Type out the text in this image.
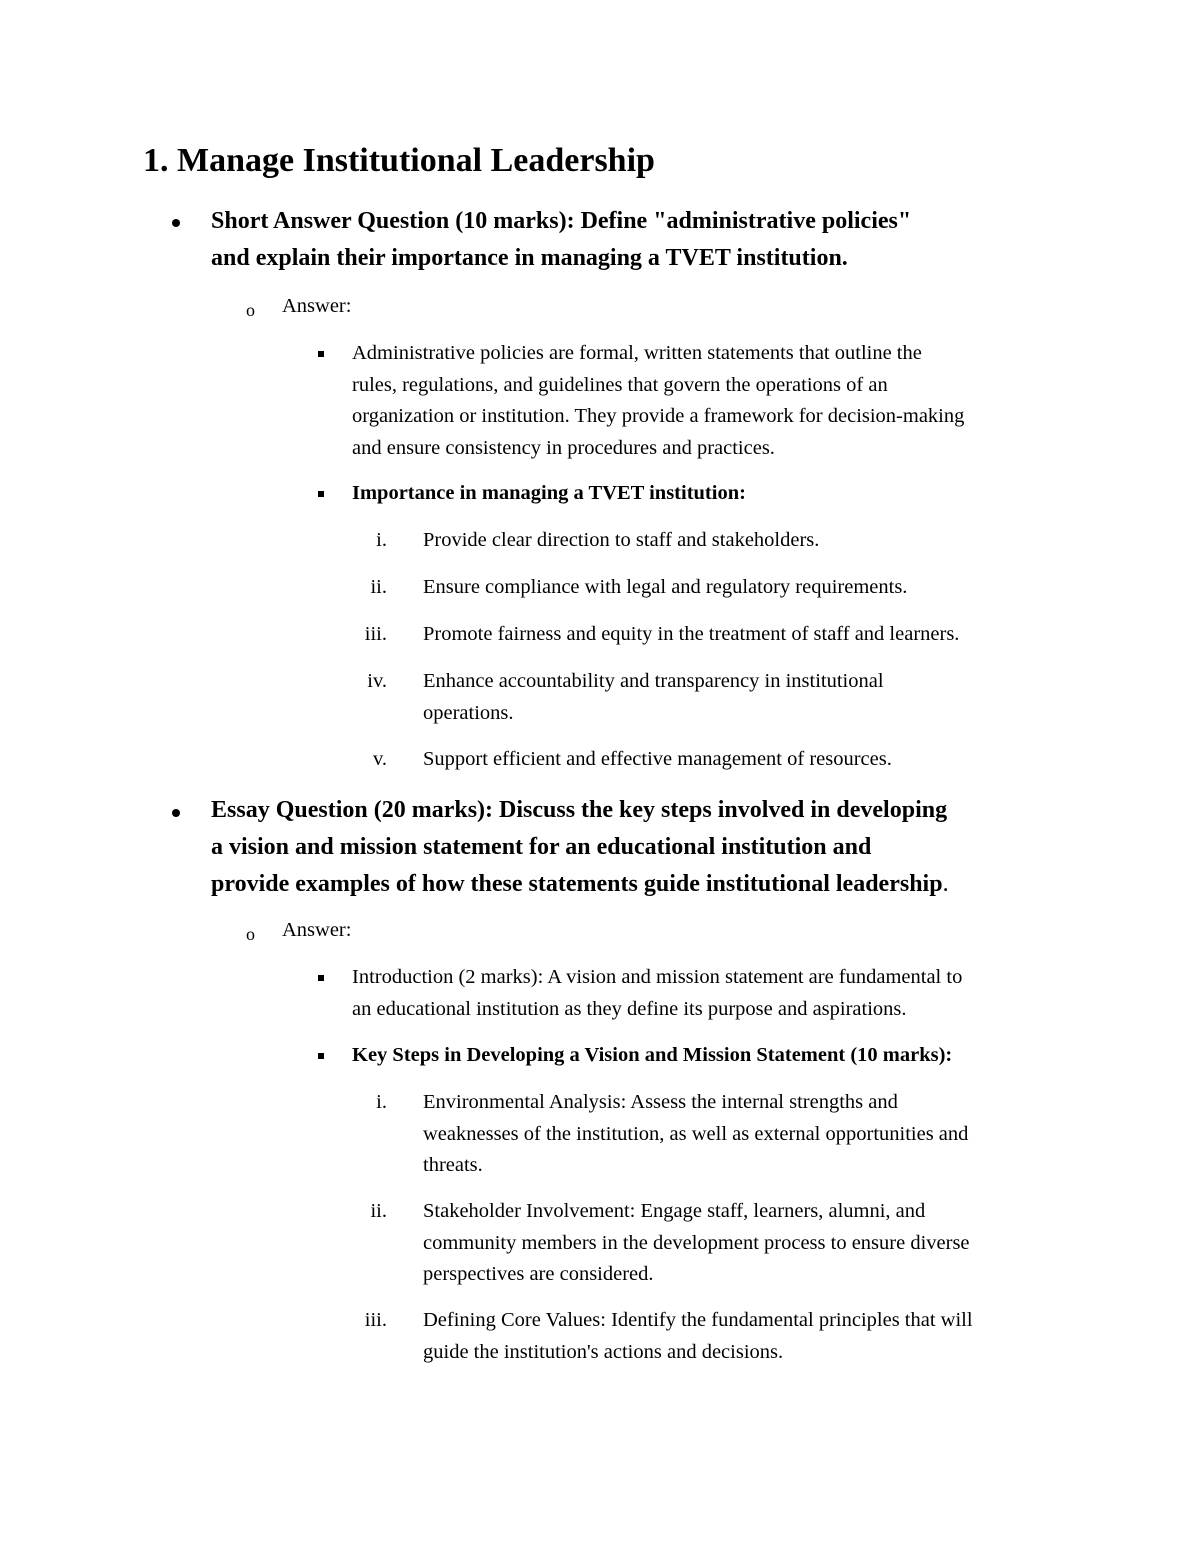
1. Manage Institutional Leadership
Short Answer Question (10 marks): Define "administrative policies"
and explain their importance in managing a TVET institution.
o Answer:
Administrative policies are formal, written statements that outline the
rules, regulations, and guidelines that govern the operations of an
organization or institution. They provide a framework for decision-making
and ensure consistency in procedures and practices.
Importance in managing a TVET institution:
i. Provide clear direction to staff and stakeholders.
ii. Ensure compliance with legal and regulatory requirements.
iii. Promote fairness and equity in the treatment of staff and learners.
iv. Enhance accountability and transparency in institutional
operations.
v. Support efficient and effective management of resources.
Essay Question (20 marks): Discuss the key steps involved in developing
a vision and mission statement for an educational institution and
provide examples of how these statements guide institutional leadership.
o Answer:
Introduction (2 marks): A vision and mission statement are fundamental to
an educational institution as they define its purpose and aspirations.
Key Steps in Developing a Vision and Mission Statement (10 marks):
i. Environmental Analysis: Assess the internal strengths and
weaknesses of the institution, as well as external opportunities and
threats.
ii. Stakeholder Involvement: Engage staff, learners, alumni, and
community members in the development process to ensure diverse
perspectives are considered.
iii. Defining Core Values: Identify the fundamental principles that will
guide the institution's actions and decisions.
